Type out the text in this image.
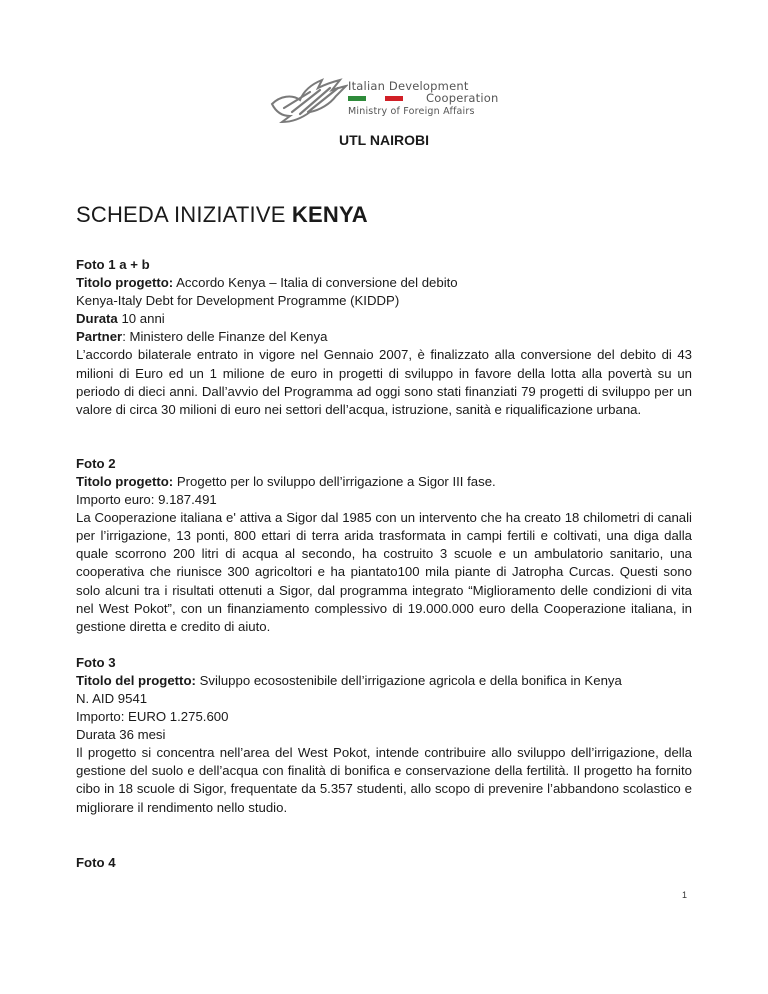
Italian Development
Cooperation
Ministry of Foreign Affairs
UTL NAIROBI
SCHEDA INIZIATIVE KENYA

Foto 1 a + b

Titolo progetto: Accordo Kenya – Italia di conversione del debito

Kenya-Italy Debt for Development Programme (KIDDP)

Durata 10 anni

Partner: Ministero delle Finanze del Kenya

L’accordo bilaterale entrato in vigore nel Gennaio 2007, è finalizzato alla conversione del debito di 43 milioni di Euro ed un 1 milione de euro in progetti di sviluppo in favore della lotta alla povertà su un periodo di dieci anni. Dall’avvio del Programma ad oggi sono stati finanziati 79 progetti di sviluppo per un valore di circa 30 milioni di euro nei settori dell’acqua, istruzione, sanità e riqualificazione urbana.

Foto 2

Titolo progetto: Progetto per lo sviluppo dell’irrigazione a Sigor III fase.

Importo euro: 9.187.491

La Cooperazione italiana e' attiva a Sigor dal 1985 con un intervento che ha creato 18 chilometri di canali per l’irrigazione, 13 ponti, 800 ettari di terra arida trasformata in campi fertili e coltivati, una diga dalla quale scorrono 200 litri di acqua al secondo, ha costruito 3 scuole e un ambulatorio sanitario, una cooperativa che riunisce 300 agricoltori e ha piantato100 mila piante di Jatropha Curcas. Questi sono solo alcuni tra i risultati ottenuti a Sigor, dal programma integrato “Miglioramento delle condizioni di vita nel West Pokot”, con un finanziamento complessivo di 19.000.000 euro della Cooperazione italiana, in gestione diretta e credito di aiuto.

Foto 3

Titolo del progetto: Sviluppo ecosostenibile dell’irrigazione agricola e della bonifica in Kenya

N. AID 9541

Importo: EURO 1.275.600

Durata 36 mesi

Il progetto si concentra nell’area del West Pokot, intende contribuire allo sviluppo dell’irrigazione, della gestione del suolo e dell’acqua con finalità di bonifica e conservazione della fertilità. Il progetto ha fornito cibo in 18 scuole di Sigor, frequentate da 5.357 studenti, allo scopo di prevenire l’abbandono scolastico e migliorare il rendimento nello studio.

Foto 4

1
